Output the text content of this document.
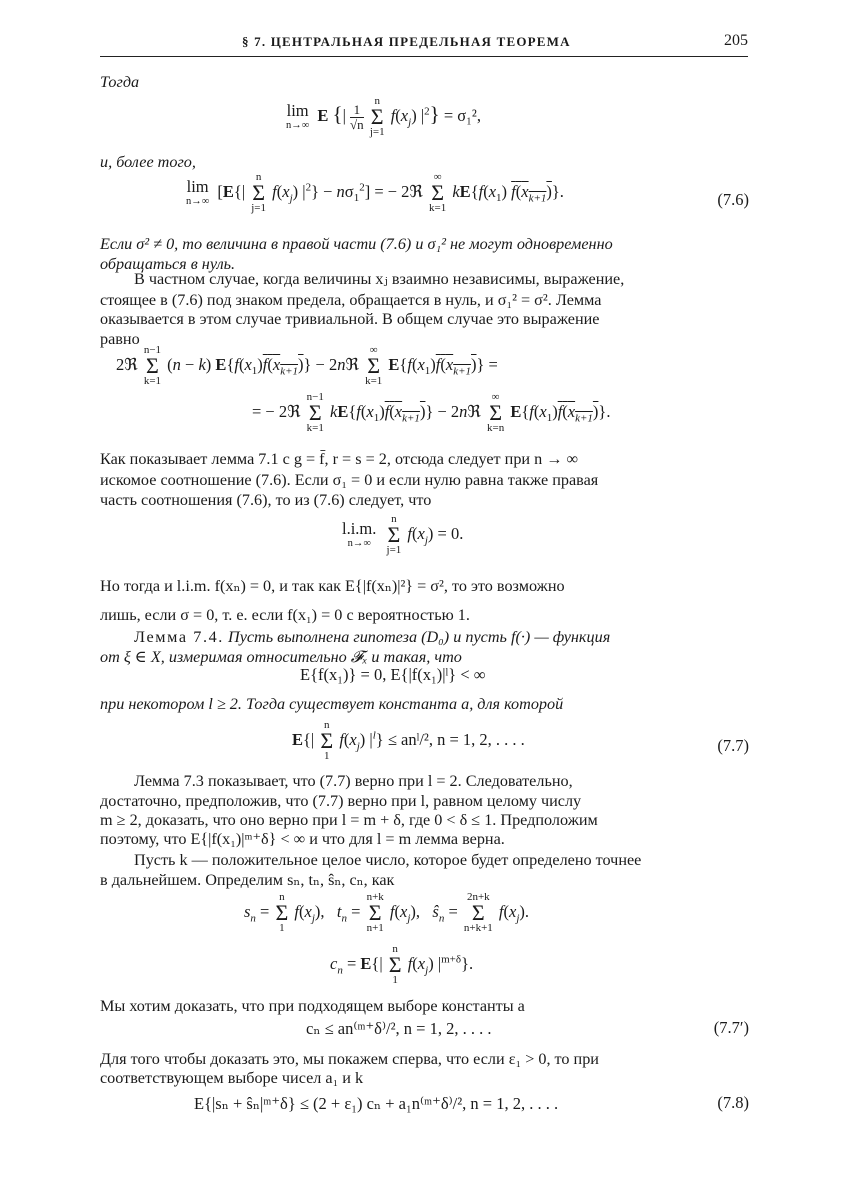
§ 7. ЦЕНТРАЛЬНАЯ ПРЕДЕЛЬНАЯ ТЕОРЕМА	205
Тогда
lim
n→∞
E {| $\frac{1}{√n}$
n
Σ
j=1 $f(x_j) |^2\} = \sigma_1^2$,
и, более того,
lim
n→∞
[E{| n
Σ
j=1 $f(x_j) |^2\} - n\sigma_1^2$] = − 2ℜ ∞
Σ
k=1 $kE\{f(x_1)$ $f(x_{k+1})$}.	(7.6)
Если σ² ≠ 0, то величина в правой части (7.6) и σ₁² не могут одновременно
обращаться в нуль.
В частном случае, когда величины xⱼ взаимно независимы, выражение,
стоящее в (7.6) под знаком предела, обращается в нуль, и σ₁² = σ². Лемма
оказывается в этом случае тривиальной. В общем случае это выражение
равно
2ℜ n−1
Σ
k=1 (n − k) $E\{f(x_1)f(x_{k+1})\}$ − 2nℜ ∞
Σ
k=1 $E\{f(x_1)f(x_{k+1})\}$ =
= − 2ℜ n−1
Σ
k=1 $kE\{f(x_1)f(x_{k+1})\}$ − 2nℜ ∞
Σ
k=n $E\{f(x_1)f(x_{k+1})\}$.
Как показывает лемма 7.1 с g = f̄, r = s = 2, отсюда следует при n → ∞
искомое соотношение (7.6). Если σ₁ = 0 и если нулю равна также правая
часть соотношения (7.6), то из (7.6) следует, что
l.i.m.
n→∞
n
Σ
j=1 $f(x_j) = 0$.
Но тогда и l.i.m. f(xₙ) = 0, и так как E{|f(xₙ)|²} = σ², то это возможно
лишь, если σ = 0, т. е. если f(x₁) = 0 с вероятностью 1.
Лемма 7.4. Пусть выполнена гипотеза (D₀) и пусть f(·) — функция
от ξ ∈ X, измеримая относительно 𝓕ₓ и такая, что
E{f(x₁)} = 0, E{|f(x₁)|ˡ} < ∞
при некотором l ≥ 2. Тогда существует константа a, для которой
E{| n
Σ
1 $f(x_j) |^l$} ≤ anˡ/², n = 1, 2, . . . .	(7.7)
Лемма 7.3 показывает, что (7.7) верно при l = 2. Следовательно,
достаточно, предположив, что (7.7) верно при l, равном целому числу
m ≥ 2, доказать, что оно верно при l = m + δ, где 0 < δ ≤ 1. Предположим
поэтому, что E{|f(x₁)|ᵐ⁺δ} < ∞ и что для l = m лемма верна.
Пусть k — положительное целое число, которое будет определено точнее
в дальнейшем. Определим sₙ, tₙ, ŝₙ, cₙ, как
$s_n = n$
Σ
1 $f(x_j)$,   $t_n = n+k$
Σ
n+1 $f(x_j)$,   $ŝ_n = 2n+k$
Σ
n+k+1 $f(x_j)$.
$c_n = E\{|$ n
Σ
1 $f(x_j)$ $|^{m+\delta}$}.
Мы хотим доказать, что при подходящем выборе константы a
cₙ ≤ an⁽ᵐ⁺δ⁾/², n = 1, 2, . . . .	(7.7′)
Для того чтобы доказать это, мы покажем сперва, что если ε₁ > 0, то при
соответствующем выборе чисел a₁ и k
E{|sₙ + ŝₙ|ᵐ⁺δ} ≤ (2 + ε₁) cₙ + a₁n⁽ᵐ⁺δ⁾/², n = 1, 2, . . . .	(7.8)
